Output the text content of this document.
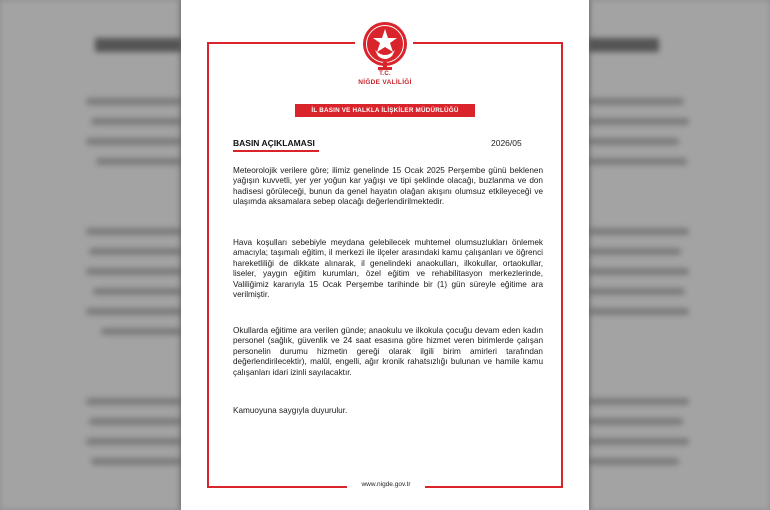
T.C.
NİĞDE VALİLİĞİ
İL BASIN VE HALKLA İLİŞKİLER MÜDÜRLÜĞÜ
BASIN AÇIKLAMASI	2026/05
Meteorolojik verilere göre; ilimiz genelinde 15 Ocak 2025 Perşembe günü beklenen yağışın kuvvetli, yer yer yoğun kar yağışı ve tipi şeklinde olacağı, buzlanma ve don hadisesi görüleceği, bunun da genel hayatın olağan akışını olumsuz etkileyeceği ve ulaşımda aksamalara sebep olacağı değerlendirilmektedir.
Hava koşulları sebebiyle meydana gelebilecek muhtemel olumsuzlukları önlemek amacıyla; taşımalı eğitim, il merkezi ile ilçeler arasındaki kamu çalışanları ve öğrenci hareketliliği de dikkate alınarak, il genelindeki anaokulları, ilkokullar, ortaokullar, liseler, yaygın eğitim kurumları, özel eğitim ve rehabilitasyon merkezlerinde, Valiliğimiz kararıyla 15 Ocak Perşembe tarihinde bir (1) gün süreyle eğitime ara verilmiştir.
Okullarda eğitime ara verilen günde; anaokulu ve ilkokula çocuğu devam eden kadın personel (sağlık, güvenlik ve 24 saat esasına göre hizmet veren birimlerde çalışan personelin durumu hizmetin gereği olarak ilgili birim amirleri tarafından değerlendirilecektir), malûl, engelli, ağır kronik rahatsızlığı bulunan ve hamile kamu çalışanları idari izinli sayılacaktır.
Kamuoyuna saygıyla duyurulur.
www.nigde.gov.tr
